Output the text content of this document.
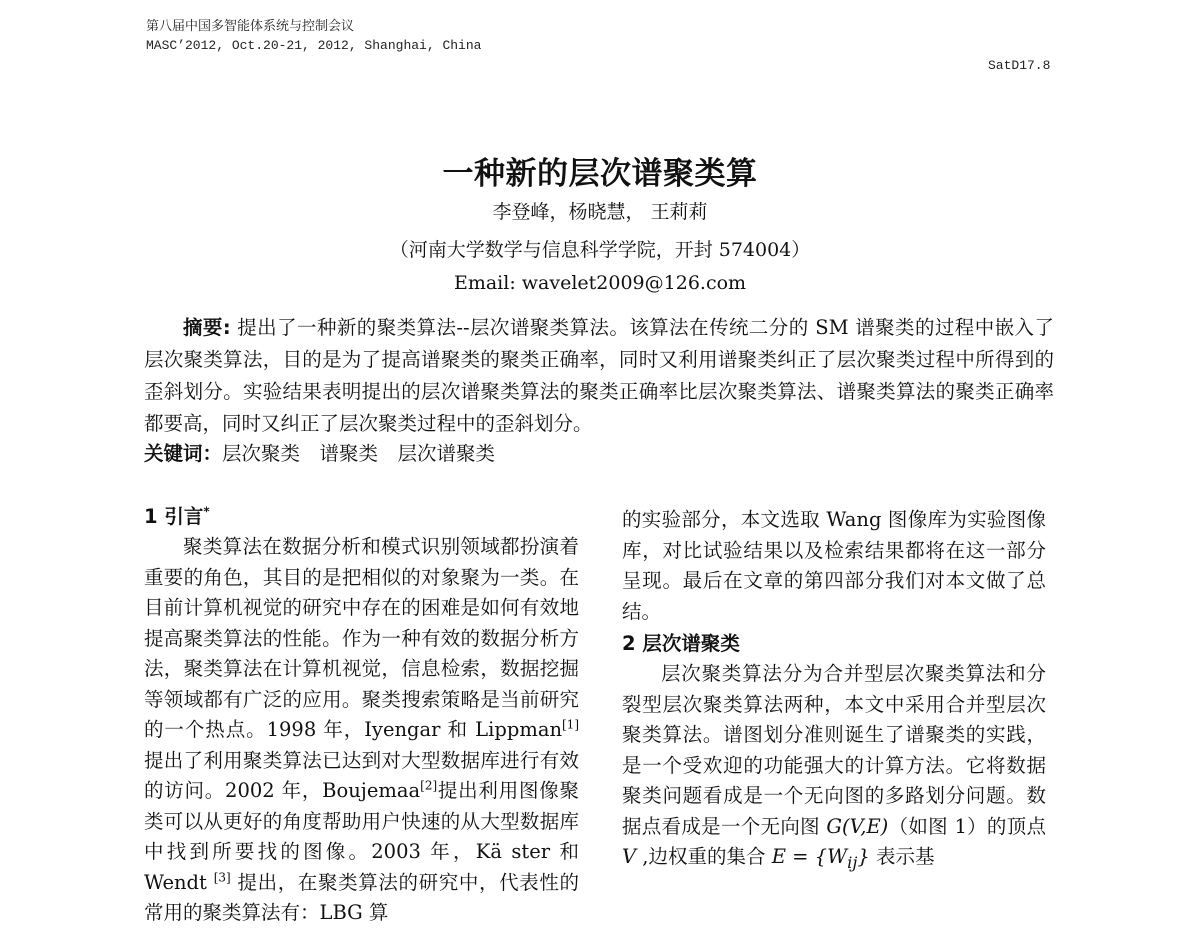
第八届中国多智能体系统与控制会议
MASC’2012, Oct.20-21, 2012, Shanghai, China
SatD17.8
一种新的层次谱聚类算
李登峰，杨晓慧， 王莉莉
（河南大学数学与信息科学学院，开封 574004）
Email: wavelet2009@126.com
摘要: 提出了一种新的聚类算法--层次谱聚类算法。该算法在传统二分的 SM 谱聚类的过程中嵌入了层次聚类算法，目的是为了提高谱聚类的聚类正确率，同时又利用谱聚类纠正了层次聚类过程中所得到的歪斜划分。实验结果表明提出的层次谱聚类算法的聚类正确率比层次聚类算法、谱聚类算法的聚类正确率都要高，同时又纠正了层次聚类过程中的歪斜划分。
关键词：层次聚类　谱聚类　层次谱聚类
1 引言*
聚类算法在数据分析和模式识别领域都扮演着重要的角色，其目的是把相似的对象聚为一类。在目前计算机视觉的研究中存在的困难是如何有效地提高聚类算法的性能。作为一种有效的数据分析方法，聚类算法在计算机视觉，信息检索，数据挖掘等领域都有广泛的应用。聚类搜索策略是当前研究的一个热点。1998 年，Iyengar 和 Lippman[1] 提出了利用聚类算法已达到对大型数据库进行有效的访问。2002 年，Boujemaa[2]提出利用图像聚类可以从更好的角度帮助用户快速的从大型数据库中找到所要找的图像。2003 年，Kä ster 和 Wendt [3] 提出，在聚类算法的研究中，代表性的常用的聚类算法有：LBG 算
的实验部分，本文选取 Wang 图像库为实验图像库，对比试验结果以及检索结果都将在这一部分呈现。最后在文章的第四部分我们对本文做了总结。
2 层次谱聚类
层次聚类算法分为合并型层次聚类算法和分裂型层次聚类算法两种，本文中采用合并型层次聚类算法。谱图划分准则诞生了谱聚类的实践，是一个受欢迎的功能强大的计算方法。它将数据聚类问题看成是一个无向图的多路划分问题。数据点看成是一个无向图 G(V,E)（如图 1）的顶点 V ,边权重的集合 $E = \{W_{ij}\}$ 表示基
